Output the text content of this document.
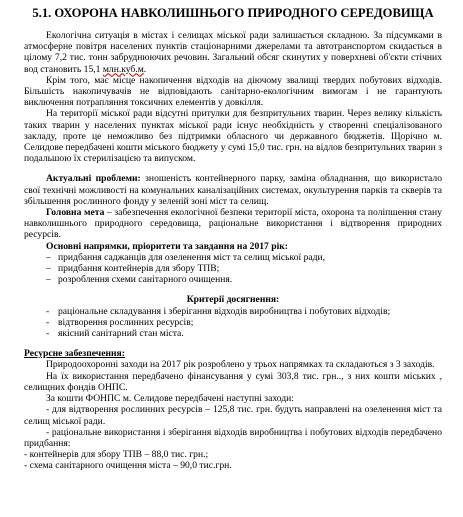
5.1. ОХОРОНА НАВКОЛИШНЬОГО ПРИРОДНОГО СЕРЕДОВИЩА

Екологічна ситуація в містах і селищах міської ради залишається складною. За підсумками в атмосферне повітря населених пунктів стаціонарними джерелами та автотранспортом скидається в цілому 7,2 тис. тонн забруднюючих речовин. Загальний обсяг скинутих у поверхневі об'єкти стічних вод становить 15,1 млн.куб.м.

Крім того, має місце накопичення відходів на діючому звалищі твердих побутових відходів. Більшість накопичувачів не відповідають санітарно-екологічним вимогам і не гарантують виключення потрапляння токсичних елементів у довкілля.

На території міської ради відсутні притулки для безпритульних тварин. Через велику кількість таких тварин у населених пунктах міської ради існує необхідність у створенні спеціалізованого закладу, проте це неможливо без підтримки обласного чи державного бюджетів. Щорічно м. Селидове передбачені кошти міського бюджету у сумі 15,0 тис. грн. на відлов безпритульних тварин з подальшою їх стерилізацією та випуском.

Актуальні проблеми: зношеність контейнерного парку, заміна обладнання, що використало свої технічні можливості на комунальних каналізаційних системах, окультурення парків та скверів та збільшення рослинного фонду у зеленій зоні міст та селищ.

Головна мета – забезпечення екологічної безпеки території міста, охорона та поліпшення стану навколишнього природного середовища, раціональне використання і відтворення природних ресурсів.

Основні напрямки, пріоритети та завдання на 2017 рік:

– придбання саджанців для озеленення міст та селищ міської ради,

– придбання контейнерів для збору ТПВ;

– розроблення схеми санітарного очищення.

Критерії досягнення:

- раціональне складування і зберігання відходів виробництва і побутових відходів;

- відтворення рослинних ресурсів;

- якісний санітарний стан міста.

Ресурсне забезпечення:

Природоохоронні заходи на 2017 рік розроблено у трьох напрямках та складаються з 3 заходів.

На їх використання передбачено фінансування у сумі 303,8 тис. грн.., з них кошти міських , селищних фондів ОНПС.

За кошти ФОНПС м. Селидове передбачені наступні заходи:

- для відтворення рослинних ресурсів – 125,8 тис. грн. будуть направлені на озеленення міст та селищ міської ради.

- раціональне використання і зберігання відходів виробництва і побутових відходів передбачено придбання:

- контейнерів для збору ТПВ – 88,0 тис. грн.;

- схема санітарного очищення міста – 90,0 тис.грн.
